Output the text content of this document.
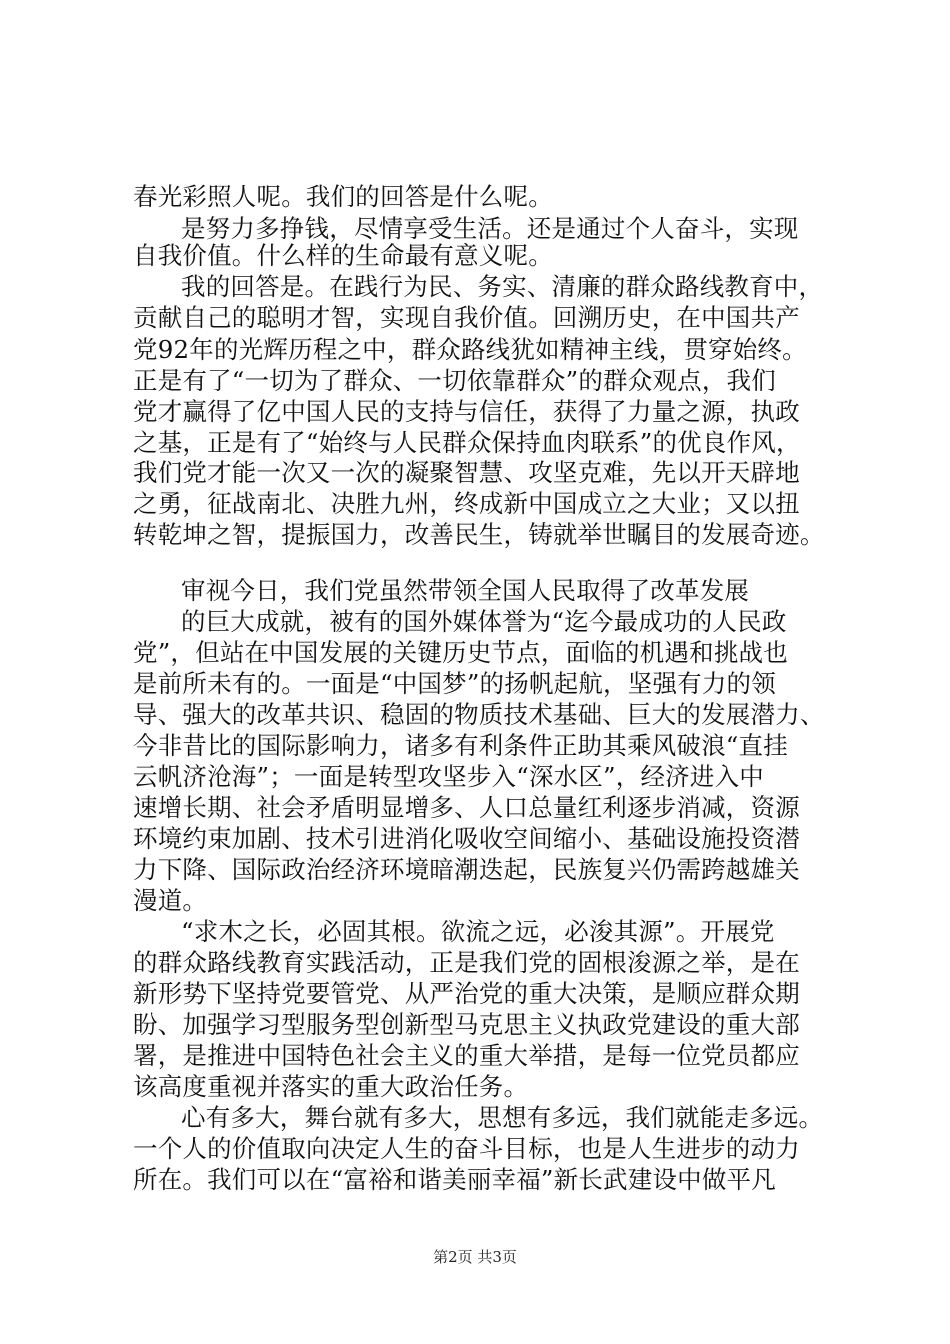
春光彩照人呢。我们的回答是什么呢。
是努力多挣钱，尽情享受生活。还是通过个人奋斗，实现
自我价值。什么样的生命最有意义呢。
我的回答是。在践行为民、务实、清廉的群众路线教育中，
贡献自己的聪明才智，实现自我价值。回溯历史，在中国共产
党92年的光辉历程之中，群众路线犹如精神主线，贯穿始终。
正是有了“一切为了群众、一切依靠群众”的群众观点，我们
党才赢得了亿中国人民的支持与信任，获得了力量之源，执政
之基，正是有了“始终与人民群众保持血肉联系”的优良作风，
我们党才能一次又一次的凝聚智慧、攻坚克难，先以开天辟地
之勇，征战南北、决胜九州，终成新中国成立之大业；又以扭
转乾坤之智，提振国力，改善民生，铸就举世瞩目的发展奇迹。
审视今日，我们党虽然带领全国人民取得了改革发展
的巨大成就，被有的国外媒体誉为“迄今最成功的人民政
党”，但站在中国发展的关键历史节点，面临的机遇和挑战也
是前所未有的。一面是“中国梦”的扬帆起航，坚强有力的领
导、强大的改革共识、稳固的物质技术基础、巨大的发展潜力、
今非昔比的国际影响力，诸多有利条件正助其乘风破浪“直挂
云帆济沧海”；一面是转型攻坚步入“深水区”，经济进入中
速增长期、社会矛盾明显增多、人口总量红利逐步消减，资源
环境约束加剧、技术引进消化吸收空间缩小、基础设施投资潜
力下降、国际政治经济环境暗潮迭起，民族复兴仍需跨越雄关
漫道。
“求木之长，必固其根。欲流之远，必浚其源”。开展党
的群众路线教育实践活动，正是我们党的固根浚源之举，是在
新形势下坚持党要管党、从严治党的重大决策，是顺应群众期
盼、加强学习型服务型创新型马克思主义执政党建设的重大部
署，是推进中国特色社会主义的重大举措，是每一位党员都应
该高度重视并落实的重大政治任务。
心有多大，舞台就有多大，思想有多远，我们就能走多远。
一个人的价值取向决定人生的奋斗目标，也是人生进步的动力
所在。我们可以在“富裕和谐美丽幸福”新长武建设中做平凡
第2页 共3页
